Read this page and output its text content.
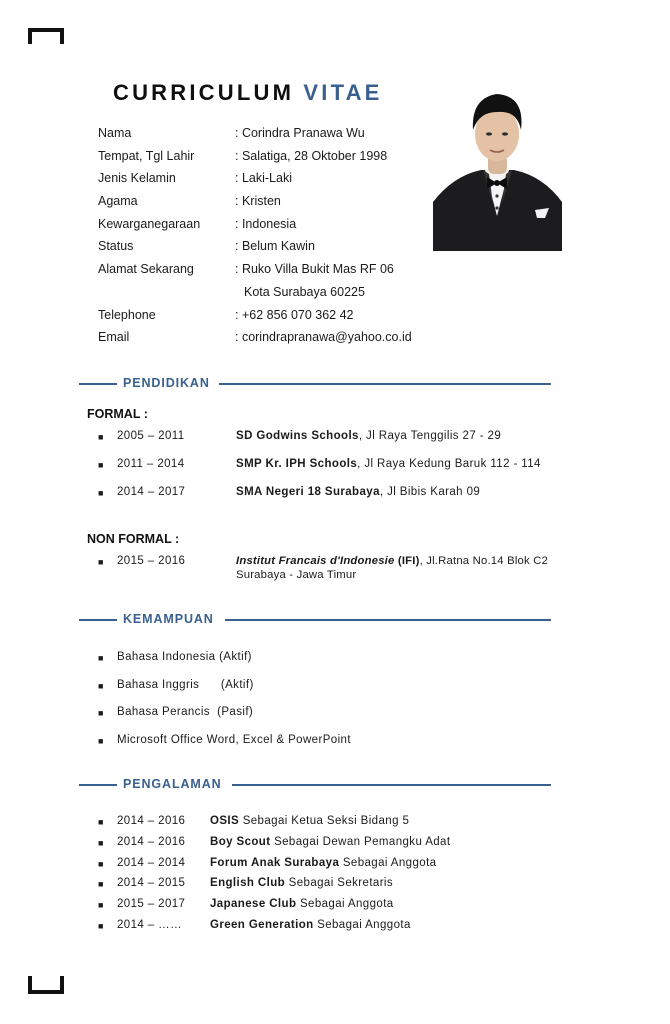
CURRICULUM VITAE
Nama	: Corindra Pranawa Wu
Tempat, Tgl Lahir	: Salatiga, 28 Oktober 1998
Jenis Kelamin	: Laki-Laki
Agama	: Kristen
Kewarganegaraan	: Indonesia
Status	: Belum Kawin
Alamat Sekarang	: Ruko Villa Bukit Mas RF 06
Kota Surabaya 60225
Telephone	: +62 856 070 362 42
Email	: corindrapranawa@yahoo.co.id
PENDIDIKAN
FORMAL :
■ 2005 – 2011	SD Godwins Schools, Jl Raya Tenggilis 27 - 29
■ 2011 – 2014	SMP Kr. IPH Schools, Jl Raya Kedung Baruk 112 - 114
■ 2014 – 2017	SMA Negeri 18 Surabaya, Jl Bibis Karah 09
NON FORMAL :
■ 2015 – 2016	Institut Francais d'Indonesie (IFI), Jl.Ratna No.14 Blok C2
Surabaya - Jawa Timur
KEMAMPUAN
■ Bahasa Indonesia (Aktif)
■ Bahasa Inggris      (Aktif)
■ Bahasa Perancis  (Pasif)
■ Microsoft Office Word, Excel & PowerPoint
PENGALAMAN
■ 2014 – 2016 OSIS Sebagai Ketua Seksi Bidang 5
■ 2014 – 2016 Boy Scout Sebagai Dewan Pemangku Adat
■ 2014 – 2014 Forum Anak Surabaya Sebagai Anggota
■ 2014 – 2015 English Club Sebagai Sekretaris
■ 2015 – 2017 Japanese Club Sebagai Anggota
■ 2014 – …… Green Generation Sebagai Anggota
